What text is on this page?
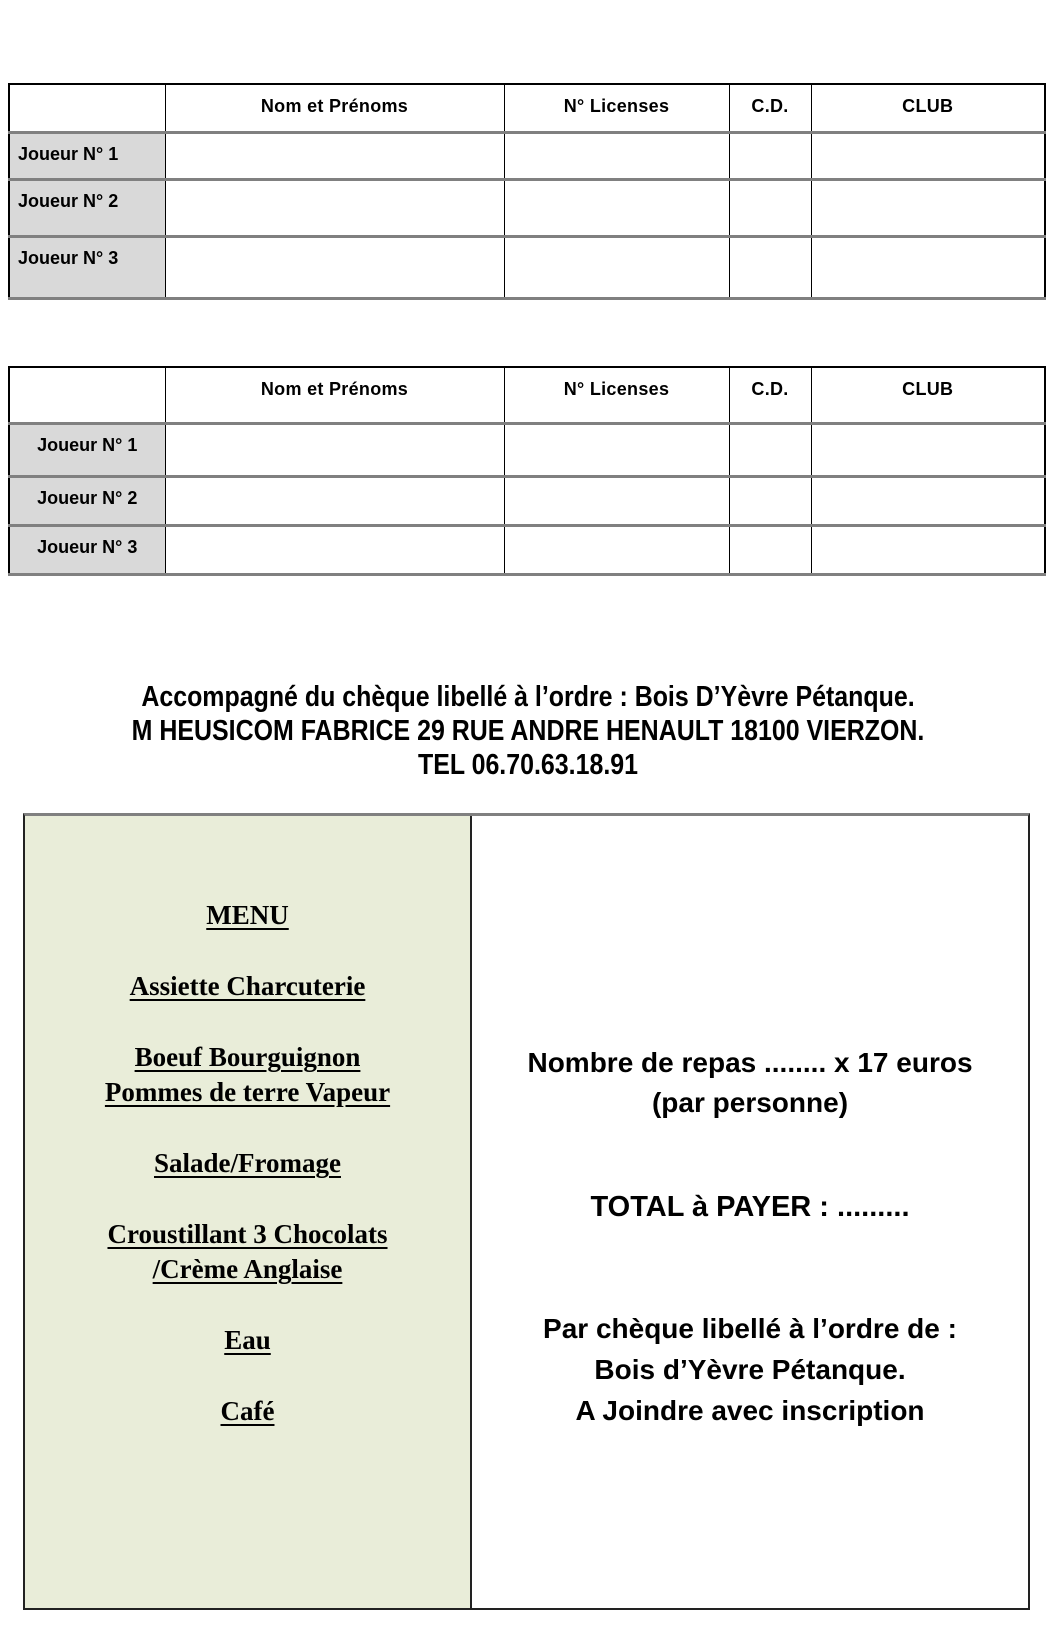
	Nom et Prénoms	N° Licenses	C.D.	CLUB
Joueur N° 1				
Joueur N° 2				
Joueur N° 3				
	Nom et Prénoms	N° Licenses	C.D.	CLUB
Joueur N° 1				
Joueur N° 2				
Joueur N° 3				
Accompagné du chèque libellé à l’ordre : Bois D’Yèvre Pétanque.
M HEUSICOM FABRICE 29 RUE ANDRE HENAULT 18100 VIERZON.
TEL 06.70.63.18.91
MENU
Assiette Charcuterie
Boeuf Bourguignon Pommes de terre Vapeur
Salade/Fromage
Croustillant 3 Chocolats /Crème Anglaise
Eau
Café
Nombre de repas ........ x 17 euros
(par personne)
TOTAL à PAYER : .........
Par chèque libellé à l’ordre de :
Bois d’Yèvre Pétanque.
A Joindre avec inscription
